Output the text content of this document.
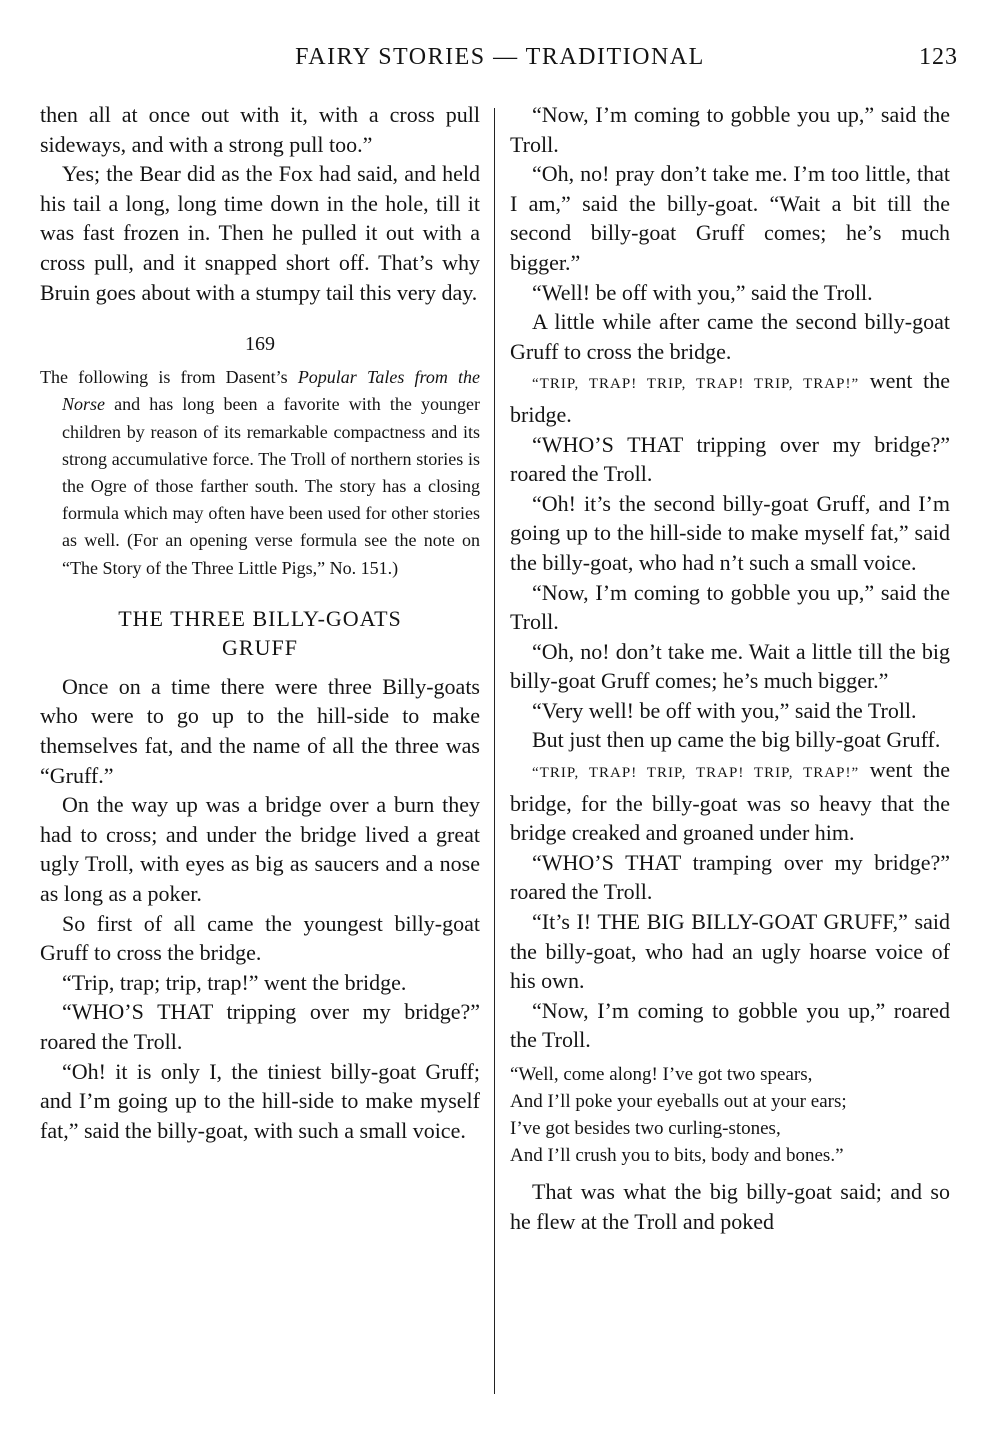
FAIRY STORIES — TRADITIONAL	123

then all at once out with it, with a cross pull sideways, and with a strong pull too.”

Yes; the Bear did as the Fox had said, and held his tail a long, long time down in the hole, till it was fast frozen in. Then he pulled it out with a cross pull, and it snapped short off. That’s why Bruin goes about with a stumpy tail this very day.

169

The following is from Dasent’s Popular Tales from the Norse and has long been a favorite with the younger children by reason of its remarkable compactness and its strong accumulative force. The Troll of northern stories is the Ogre of those farther south. The story has a closing formula which may often have been used for other stories as well. (For an opening verse formula see the note on “The Story of the Three Little Pigs,” No. 151.)

THE THREE BILLY-GOATS
GRUFF

Once on a time there were three Billy-goats who were to go up to the hill-side to make themselves fat, and the name of all the three was “Gruff.”

On the way up was a bridge over a burn they had to cross; and under the bridge lived a great ugly Troll, with eyes as big as saucers and a nose as long as a poker.

So first of all came the youngest billy-goat Gruff to cross the bridge.

“Trip, trap; trip, trap!” went the bridge.

“WHO’S THAT tripping over my bridge?” roared the Troll.

“Oh! it is only I, the tiniest billy-goat Gruff; and I’m going up to the hill-side to make myself fat,” said the billy-goat, with such a small voice.

“Now, I’m coming to gobble you up,” said the Troll.

“Oh, no! pray don’t take me. I’m too little, that I am,” said the billy-goat. “Wait a bit till the second billy-goat Gruff comes; he’s much bigger.”

“Well! be off with you,” said the Troll.

A little while after came the second billy-goat Gruff to cross the bridge.

“TRIP, TRAP! TRIP, TRAP! TRIP, TRAP!” went the bridge.

“WHO’S THAT tripping over my bridge?” roared the Troll.

“Oh! it’s the second billy-goat Gruff, and I’m going up to the hill-side to make myself fat,” said the billy-goat, who had n’t such a small voice.

“Now, I’m coming to gobble you up,” said the Troll.

“Oh, no! don’t take me. Wait a little till the big billy-goat Gruff comes; he’s much bigger.”

“Very well! be off with you,” said the Troll.

But just then up came the big billy-goat Gruff.

“TRIP, TRAP! TRIP, TRAP! TRIP, TRAP!” went the bridge, for the billy-goat was so heavy that the bridge creaked and groaned under him.

“WHO’S THAT tramping over my bridge?” roared the Troll.

“It’s I! THE BIG BILLY-GOAT GRUFF,” said the billy-goat, who had an ugly hoarse voice of his own.

“Now, I’m coming to gobble you up,” roared the Troll.

“Well, come along! I’ve got two spears,
And I’ll poke your eyeballs out at your ears;
I’ve got besides two curling-stones,
And I’ll crush you to bits, body and bones.”

That was what the big billy-goat said; and so he flew at the Troll and poked
